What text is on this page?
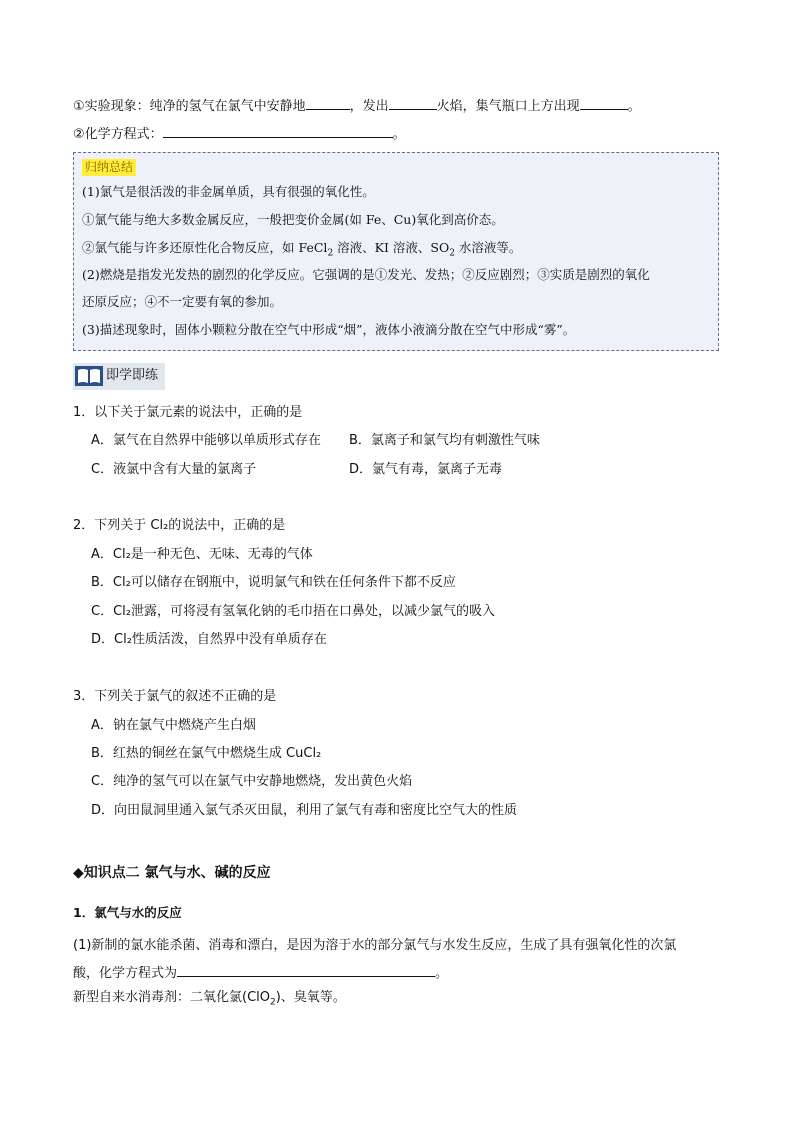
①实验现象：纯净的氢气在氯气中安静地	，发出	火焰，集气瓶口上方出现	。
②化学方程式：	。
归纳总结
(1)氯气是很活泼的非金属单质，具有很强的氧化性。
①氯气能与绝大多数金属反应，一般把变价金属(如 Fe、Cu)氧化到高价态。
②氯气能与许多还原性化合物反应，如 FeCl$_2$ 溶液、KI 溶液、$SO_2$ 水溶液等。
(2)燃烧是指发光发热的剧烈的化学反应。它强调的是①发光、发热；②反应剧烈；③实质是剧烈的氧化
还原反应；④不一定要有氧的参加。
(3)描述现象时，固体小颗粒分散在空气中形成“烟”，液体小液滴分散在空气中形成“雾”。
即学即练
1．以下关于氯元素的说法中，正确的是
A．氯气在自然界中能够以单质形式存在 B．氯离子和氯气均有刺激性气味
C．液氯中含有大量的氯离子	D．氯气有毒，氯离子无毒
2．下列关于 Cl₂的说法中，正确的是
A．Cl₂是一种无色、无味、无毒的气体
B．Cl₂可以储存在钢瓶中，说明氯气和铁在任何条件下都不反应
C．Cl₂泄露，可将浸有氢氧化钠的毛巾捂在口鼻处，以减少氯气的吸入
D．Cl₂性质活泼，自然界中没有单质存在
3．下列关于氯气的叙述不正确的是
A．钠在氯气中燃烧产生白烟
B．红热的铜丝在氯气中燃烧生成 CuCl₂
C．纯净的氢气可以在氯气中安静地燃烧，发出黄色火焰
D．向田鼠洞里通入氯气杀灭田鼠，利用了氯气有毒和密度比空气大的性质
◆知识点二 氯气与水、碱的反应
1．氯气与水的反应
(1)新制的氯水能杀菌、消毒和漂白，是因为溶于水的部分氯气与水发生反应，生成了具有强氧化性的次氯
酸，化学方程式为	。
新型自来水消毒剂：二氧化氯(ClO$_2$)、臭氧等。
